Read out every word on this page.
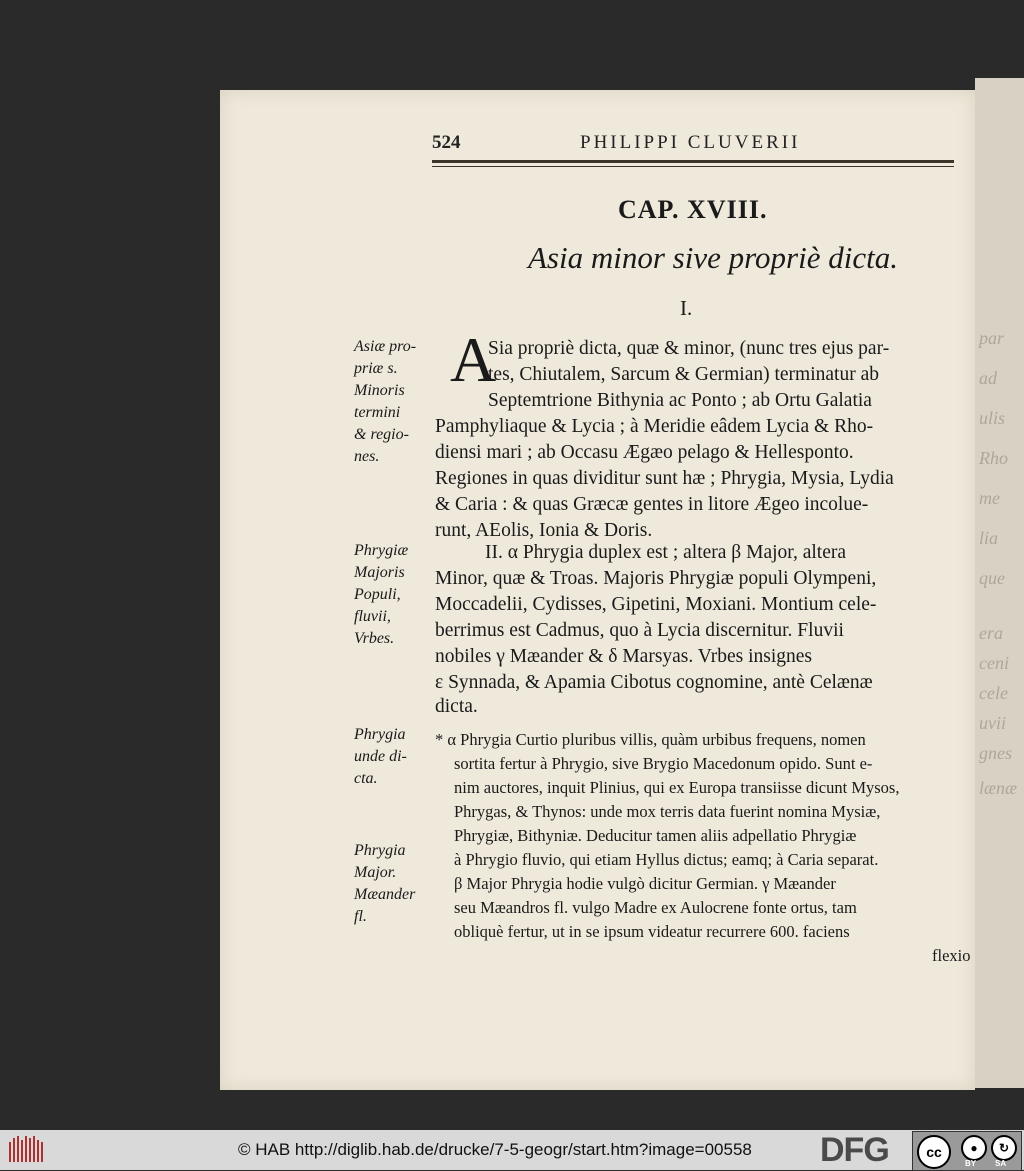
par
ad
ulis
Rho
me
lia
que
era
ceni
cele
uvii
gnes
lænæ
524	PHILIPPI CLUVERII
CAP. XVIII.
Asia minor sive propriè dicta.
I.
Asiæ pro-
priæ s.
Minoris
termini
& regio-
nes.
Phrygiæ
Majoris
Populi,
fluvii,
Vrbes.
Phrygia
unde di-
cta.
Phrygia
Major.
Mæander
fl.
A
Sia propriè dicta, quæ & minor, (nunc tres ejus par-
tes, Chiutalem, Sarcum & Germian) terminatur ab
Septemtrione Bithynia ac Ponto ; ab Ortu Galatia
Pamphyliaque & Lycia ; à Meridie eâdem Lycia & Rho-
diensi mari ; ab Occasu Ægæo pelago & Hellesponto.
Regiones in quas dividitur sunt hæ ; Phrygia, Mysia, Lydia
& Caria : & quas Græcæ gentes in litore Ægeo incolue-
runt, AEolis, Ionia & Doris.
II. α Phrygia duplex est ; altera β Major, altera
Minor, quæ & Troas. Majoris Phrygiæ populi Olympeni,
Moccadelii, Cydisses, Gipetini, Moxiani. Montium cele-
berrimus est Cadmus, quo à Lycia discernitur. Fluvii
nobiles γ Mæander & δ Marsyas. Vrbes insignes
ε Synnada, & Apamia Cibotus cognomine, antè Celænæ
dicta.
* α Phrygia Curtio pluribus villis, quàm urbibus frequens, nomen
sortita fertur à Phrygio, sive Brygio Macedonum opido. Sunt e-
nim auctores, inquit Plinius, qui ex Europa transiisse dicunt Mysos,
Phrygas, & Thynos: unde mox terris data fuerint nomina Mysiæ,
Phrygiæ, Bithyniæ. Deducitur tamen aliis adpellatio Phrygiæ
à Phrygio fluvio, qui etiam Hyllus dictus; eamq; à Caria separat.
β Major Phrygia hodie vulgò dicitur Germian. γ Mæander
seu Mæandros fl. vulgo Madre ex Aulocrene fonte ortus, tam
obliquè fertur, ut in se ipsum videatur recurrere 600. faciens
flexio
© HAB http://diglib.hab.de/drucke/7-5-geogr/start.htm?image=00558 DFG	cc	●	↻
BY SA
